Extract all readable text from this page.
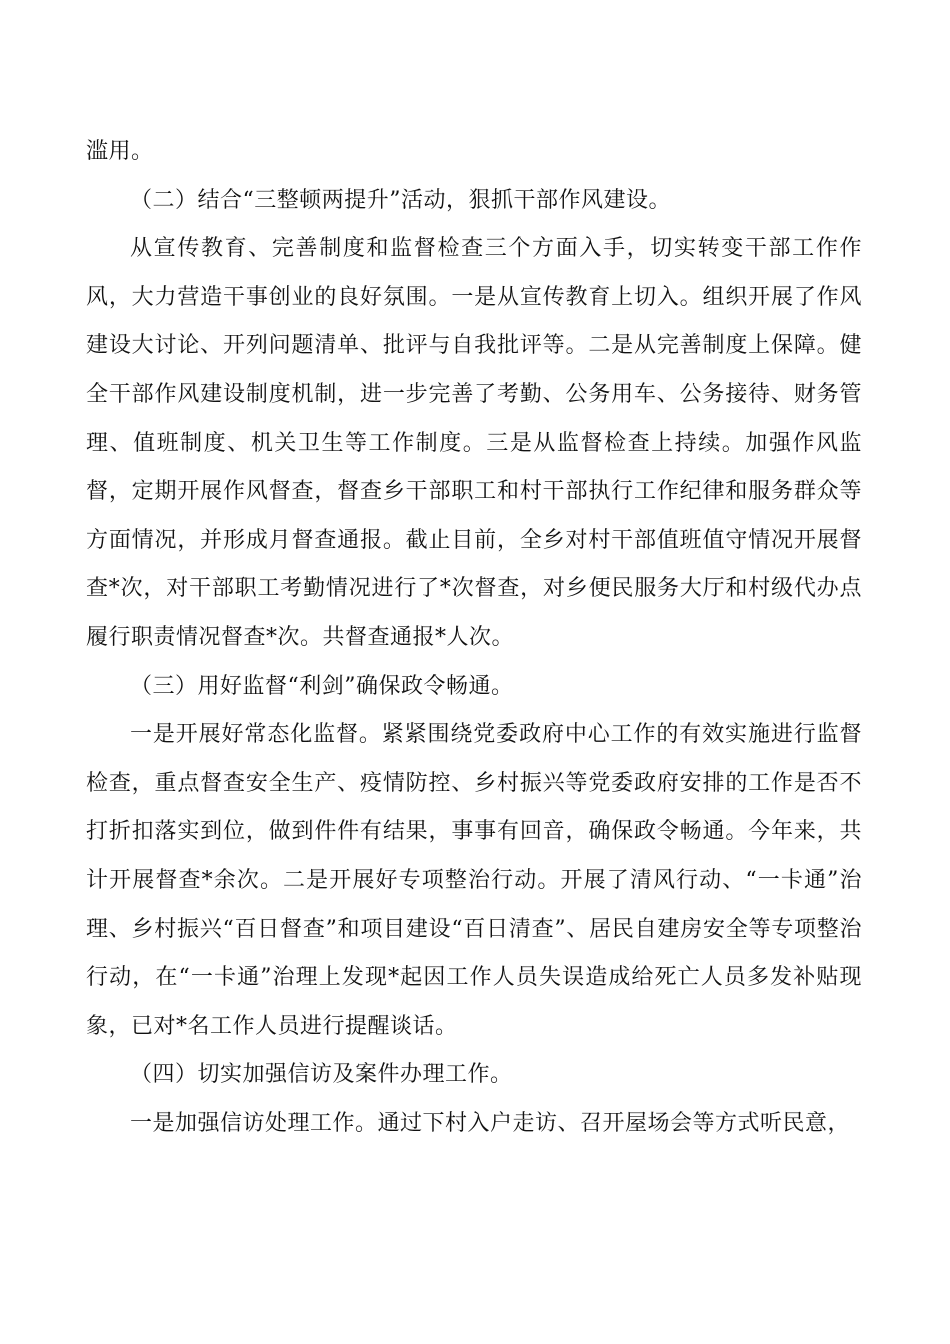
滥用。

（二）结合“三整顿两提升”活动，狠抓干部作风建设。

从宣传教育、完善制度和监督检查三个方面入手，切实转变干部工作作风，大力营造干事创业的良好氛围。一是从宣传教育上切入。组织开展了作风建设大讨论、开列问题清单、批评与自我批评等。二是从完善制度上保障。健全干部作风建设制度机制，进一步完善了考勤、公务用车、公务接待、财务管理、值班制度、机关卫生等工作制度。三是从监督检查上持续。加强作风监督，定期开展作风督查，督查乡干部职工和村干部执行工作纪律和服务群众等方面情况，并形成月督查通报。截止目前，全乡对村干部值班值守情况开展督查*次，对干部职工考勤情况进行了*次督查，对乡便民服务大厅和村级代办点履行职责情况督查*次。共督查通报*人次。

（三）用好监督“利剑”确保政令畅通。

一是开展好常态化监督。紧紧围绕党委政府中心工作的有效实施进行监督检查，重点督查安全生产、疫情防控、乡村振兴等党委政府安排的工作是否不打折扣落实到位，做到件件有结果，事事有回音，确保政令畅通。今年来，共计开展督查*余次。二是开展好专项整治行动。开展了清风行动、“一卡通”治理、乡村振兴“百日督查”和项目建设“百日清查”、居民自建房安全等专项整治行动，在“一卡通”治理上发现*起因工作人员失误造成给死亡人员多发补贴现象，已对*名工作人员进行提醒谈话。

（四）切实加强信访及案件办理工作。

一是加强信访处理工作。通过下村入户走访、召开屋场会等方式听民意，
